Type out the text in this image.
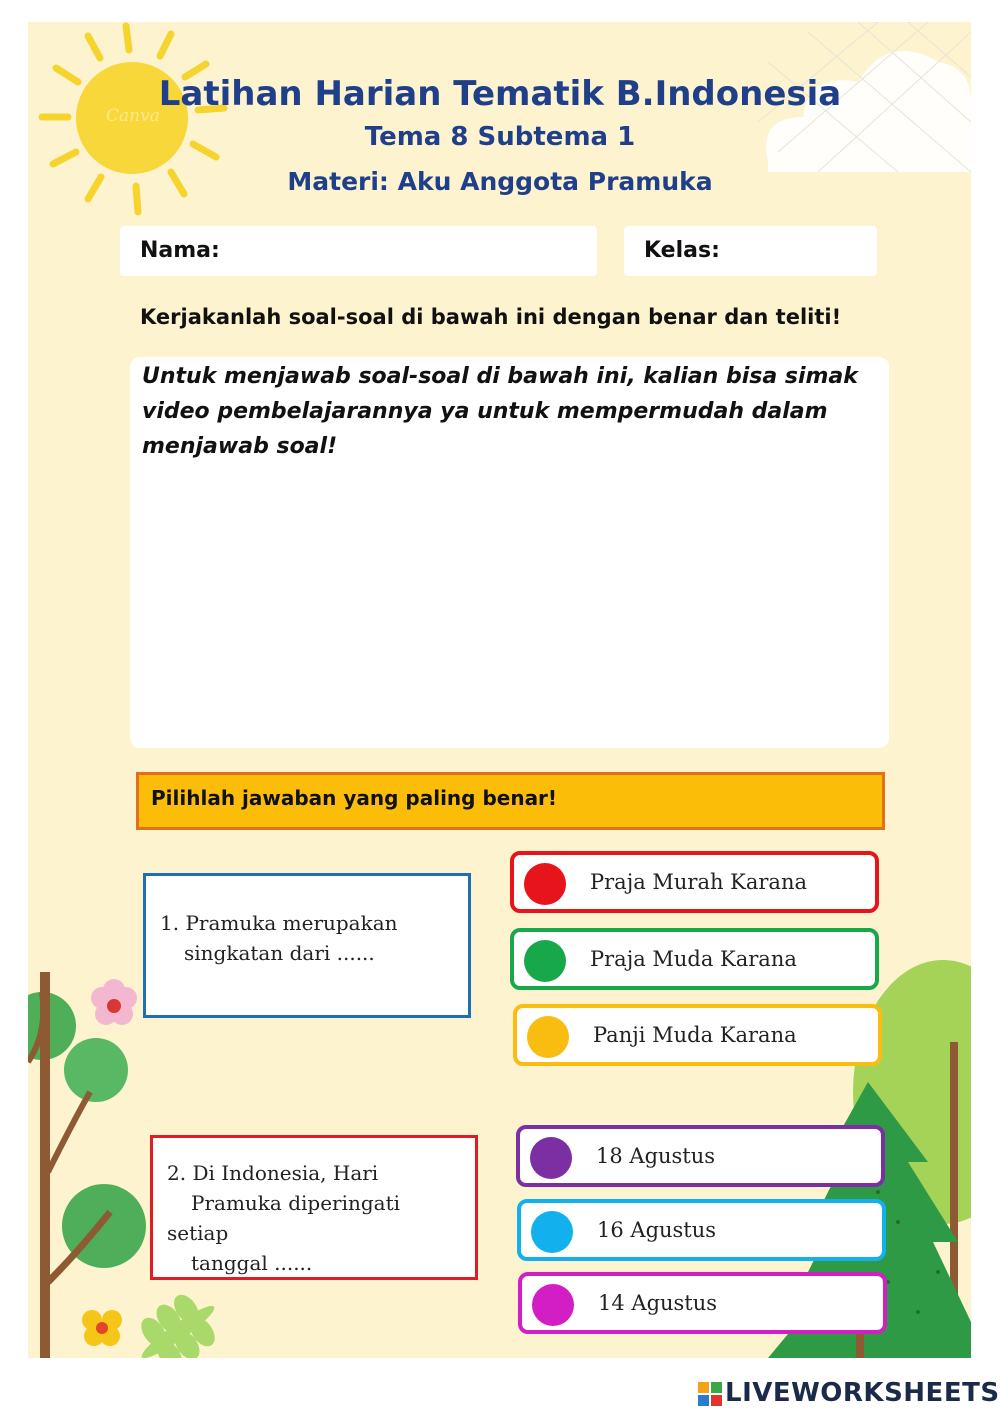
Canva
Latihan Harian Tematik B.Indonesia
Tema 8 Subtema 1
Materi: Aku Anggota Pramuka
Nama:	Kelas:
Kerjakanlah soal-soal di bawah ini dengan benar dan teliti!
Untuk menjawab soal-soal di bawah ini, kalian bisa simak video pembelajarannya ya untuk mempermudah dalam menjawab soal!
Pilihlah jawaban yang paling benar!
1. Pramuka merupakan
singkatan dari ......
Praja Murah Karana
Praja Muda Karana
Panji Muda Karana
2. Di Indonesia, Hari
Pramuka diperingati setiap
tanggal ......
18 Agustus
16 Agustus
14 Agustus
LIVEWORKSHEETS
